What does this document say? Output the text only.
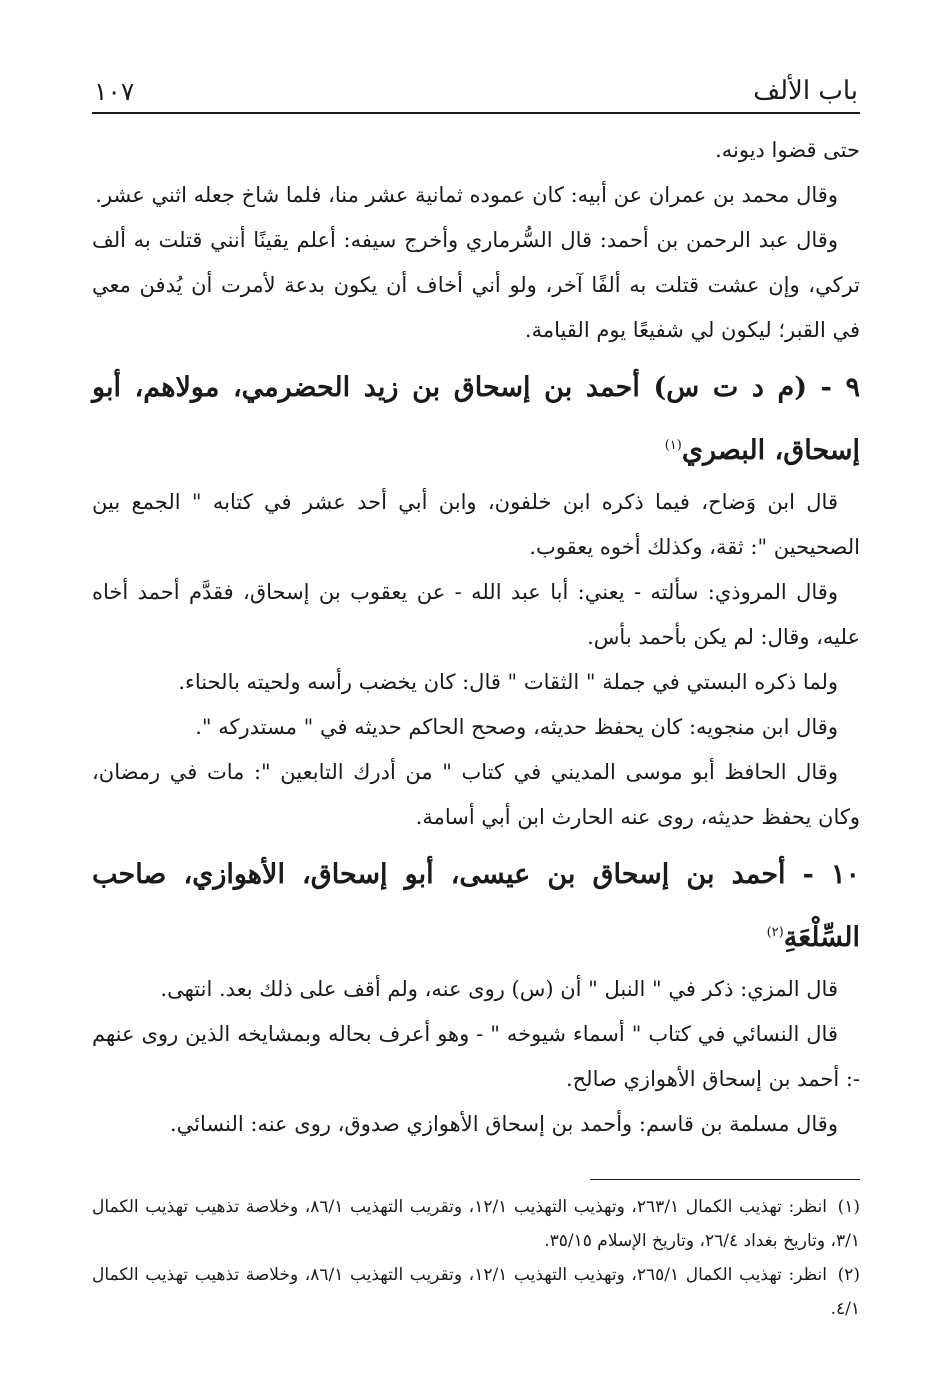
باب الألف
١٠٧

حتى قضوا ديونه.

وقال محمد بن عمران عن أبيه: كان عموده ثمانية عشر منا، فلما شاخ جعله اثني عشر.

وقال عبد الرحمن بن أحمد: قال السُّرماري وأخرج سيفه: أعلم يقينًا أنني قتلت به ألف تركي، وإن عشت قتلت به ألفًا آخر، ولو أني أخاف أن يكون بدعة لأمرت أن يُدفن معي في القبر؛ ليكون لي شفيعًا يوم القيامة.

٩ - (م د ت س) أحمد بن إسحاق بن زيد الحضرمي، مولاهم، أبو إسحاق، البصري$^{(١)}$

قال ابن وَضاح، فيما ذكره ابن خلفون، وابن أبي أحد عشر في كتابه " الجمع بين الصحيحين ": ثقة، وكذلك أخوه يعقوب.

وقال المروذي: سألته - يعني: أبا عبد الله - عن يعقوب بن إسحاق، فقدَّم أحمد أخاه عليه، وقال: لم يكن بأحمد بأس.

ولما ذكره البستي في جملة " الثقات " قال: كان يخضب رأسه ولحيته بالحناء.

وقال ابن منجويه: كان يحفظ حديثه، وصحح الحاكم حديثه في " مستدركه ".

وقال الحافظ أبو موسى المديني في كتاب " من أدرك التابعين ": مات في رمضان، وكان يحفظ حديثه، روى عنه الحارث ابن أبي أسامة.

١٠ - أحمد بن إسحاق بن عيسى، أبو إسحاق، الأهوازي، صاحب السِّلْعَةِ$^{(٢)}$

قال المزي: ذكر في " النبل " أن (س) روى عنه، ولم أقف على ذلك بعد. انتهى.

قال النسائي في كتاب " أسماء شيوخه " - وهو أعرف بحاله وبمشايخه الذين روى عنهم -: أحمد بن إسحاق الأهوازي صالح.

وقال مسلمة بن قاسم: وأحمد بن إسحاق الأهوازي صدوق، روى عنه: النسائي.

(١) انظر: تهذيب الكمال ٢٦٣/١، وتهذيب التهذيب ١٢/١، وتقريب التهذيب ٨٦/١، وخلاصة تذهيب تهذيب الكمال ٣/١، وتاريخ بغداد ٢٦/٤، وتاريخ الإسلام ٣٥/١٥.

(٢) انظر: تهذيب الكمال ٢٦٥/١، وتهذيب التهذيب ١٢/١، وتقريب التهذيب ٨٦/١، وخلاصة تذهيب تهذيب الكمال ٤/١.
